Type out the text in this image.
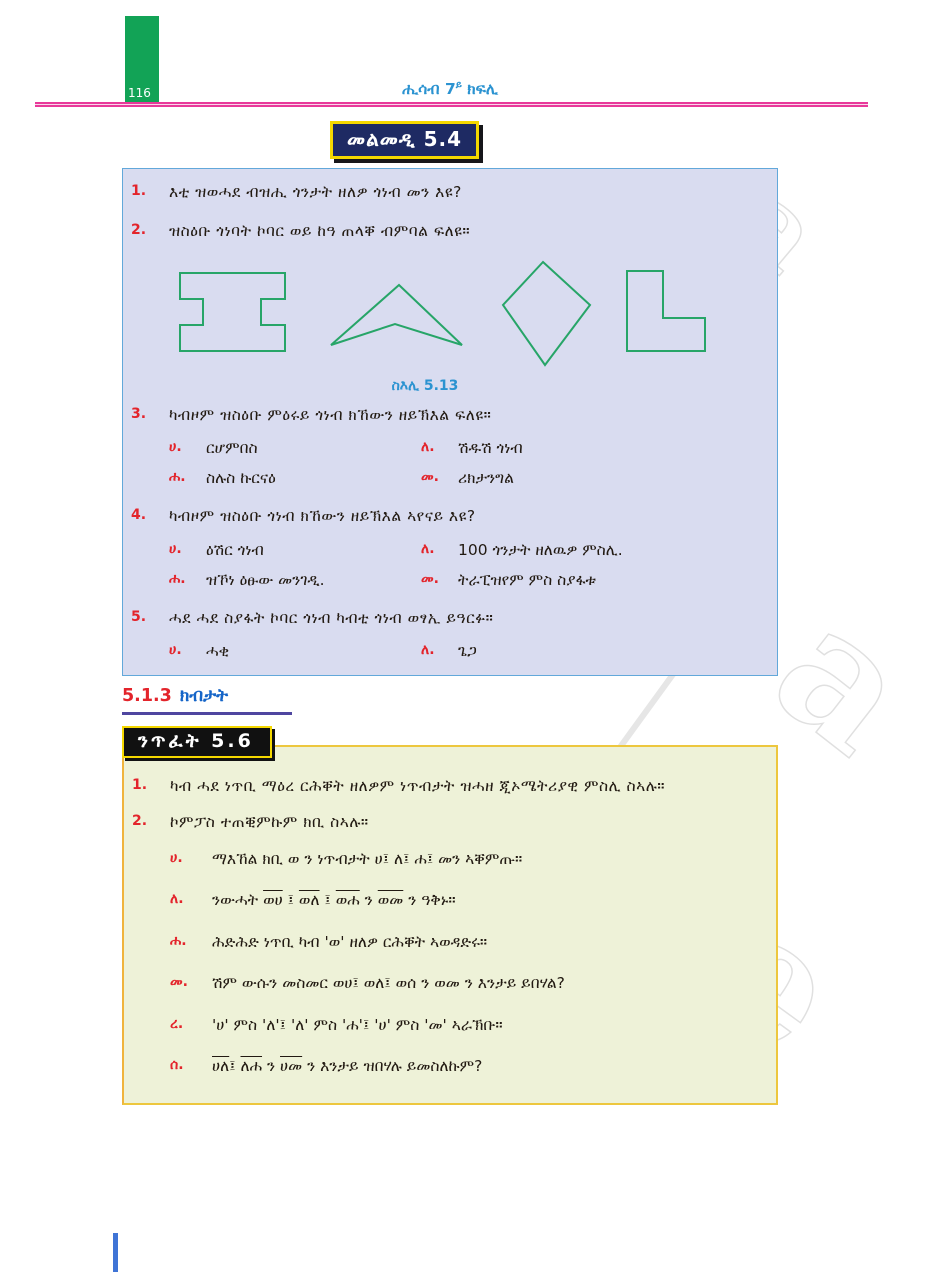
a
a
116	ሒሳብ $7^ይ$ ክፍሊ
መልመዲ 5.4
1.	እቲ ዝወሓደ ብዝሒ ጎንታት ዘለዎ ጎነብ መን እዩ?
2.	ዝስዕቡ ጎነባት ኮባር ወይ ከዓ ጠላቐ ብምባል ፍለዩ።
ስእሊ 5.13
3.	ካብዞም ዝስዕቡ ምዕሩይ ጎነብ ክኸውን ዘይኽእል ፍለዩ።
ሀ.	ርሆምበስ	ለ.	ሽዱሽ ጎነብ
ሐ.	ስሉስ ኩርናዕ	መ.	ሪክታንግል
4.	ካብዞም ዝስዕቡ ጎነብ ክኸውን ዘይኽእል ኣየናይ እዩ?
ሀ.	ዕሽር ጎነብ	ለ.	100 ጎንታት ዘለዉዎ ምስሊ.
ሐ.	ዝኾነ ዕፁው መንገዲ.	መ.	ትራፒዝየም ምስ ስያፋቱ
5.	ሓደ ሓደ ስያፋት ኮባር ጎነብ ካብቲ ጎነብ ወፃኢ ይዓርፉ።
ሀ.	ሓቂ	ለ.	ጌጋ
5.1.3 ክብታት
ንጥፈት 5.6
1.	ካብ ሓደ ነጥቢ ማዕረ ርሕቐት ዘለዎም ነጥብታት ዝሓዘ ጂኦሜትሪያዊ ምስሊ ስኣሉ።
2.	ኮምፓስ ተጠቒምኩም ክቢ ስኣሉ።
ሀ.	ማእኸል ክቢ ወ ን ነጥብታት ሀ፤ ለ፤ ሐ፤ መን ኣቐምጡ።
ለ.	ንውሓት ወሀ ፤ ወለ ፤ ወሐ ን ወመ ን ዓቅኑ።
ሐ.	ሕድሕድ ነጥቢ ካብ 'ወ' ዘለዎ ርሕቐት ኣወዳድሩ።
መ.	ሽም ውሱን መስመር ወሀ፤ ወለ፤ ወሰ ን ወመ ን እንታይ ይበሃል?
ረ.	'ሀ' ምስ 'ለ'፤ 'ለ' ምስ 'ሐ'፤ 'ሀ' ምስ 'መ' ኣራኽቡ።
ሰ.	ሀለ፤ ለሐ ን ሀመ ን እንታይ ዝበሃሉ ይመስለኩም?
